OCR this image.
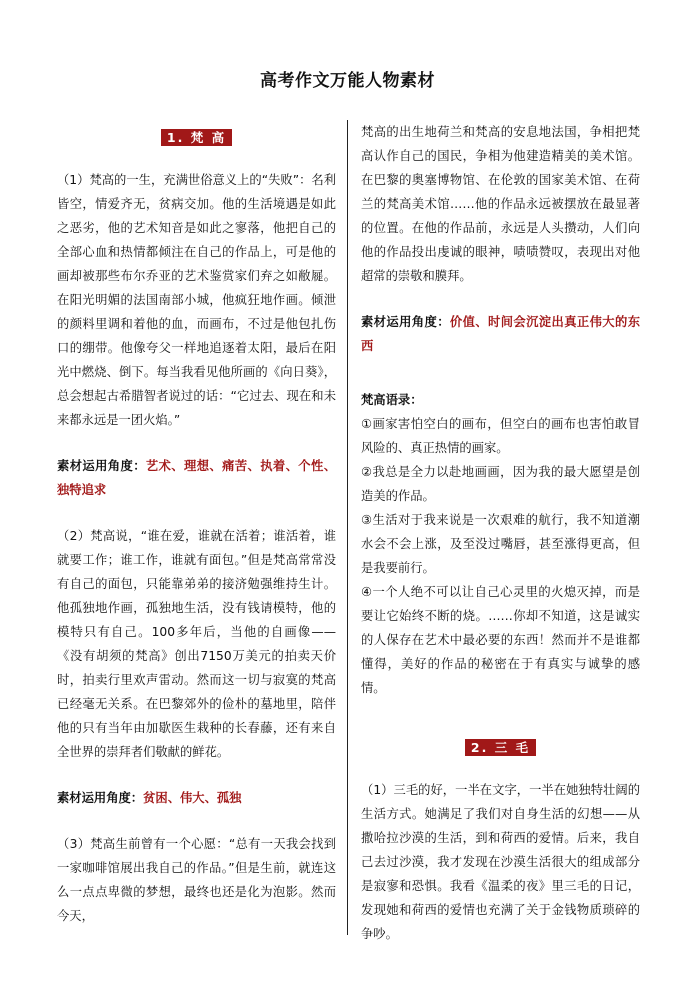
高考作文万能人物素材
1. 梵 高

（1）梵高的一生，充满世俗意义上的“失败”：名利皆空，情爱齐无，贫病交加。他的生活境遇是如此之恶劣，他的艺术知音是如此之寥落，他把自己的全部心血和热情都倾注在自己的作品上，可是他的画却被那些布尔乔亚的艺术鉴赏家们弃之如敝屣。在阳光明媚的法国南部小城，他疯狂地作画。倾泄的颜料里调和着他的血，而画布，不过是他包扎伤口的绷带。他像夸父一样地追逐着太阳，最后在阳光中燃烧、倒下。每当我看见他所画的《向日葵》，总会想起古希腊智者说过的话：“它过去、现在和未来都永远是一团火焰。”

素材运用角度：艺术、理想、痛苦、执着、个性、独特追求

（2）梵高说，“谁在爱，谁就在活着；谁活着，谁就要工作；谁工作，谁就有面包。”但是梵高常常没有自己的面包，只能靠弟弟的接济勉强维持生计。他孤独地作画，孤独地生活，没有钱请模特，他的模特只有自己。100多年后，当他的自画像——《没有胡须的梵高》创出7150万美元的拍卖天价时，拍卖行里欢声雷动。然而这一切与寂寞的梵高已经毫无关系。在巴黎郊外的俭朴的墓地里，陪伴他的只有当年由加歇医生栽种的长春藤，还有来自全世界的崇拜者们敬献的鲜花。

素材运用角度：贫困、伟大、孤独

（3）梵高生前曾有一个心愿：“总有一天我会找到一家咖啡馆展出我自己的作品。”但是生前，就连这么一点点卑微的梦想，最终也还是化为泡影。然而今天，

梵高的出生地荷兰和梵高的安息地法国，争相把梵高认作自己的国民，争相为他建造精美的美术馆。在巴黎的奥塞博物馆、在伦敦的国家美术馆、在荷兰的梵高美术馆……他的作品永远被摆放在最显著的位置。在他的作品前，永远是人头攒动，人们向他的作品投出虔诚的眼神，啧啧赞叹，表现出对他超常的崇敬和膜拜。

素材运用角度：价值、时间会沉淀出真正伟大的东西

梵高语录：

①画家害怕空白的画布，但空白的画布也害怕敢冒风险的、真正热情的画家。

②我总是全力以赴地画画，因为我的最大愿望是创造美的作品。

③生活对于我来说是一次艰难的航行，我不知道潮水会不会上涨，及至没过嘴唇，甚至涨得更高，但是我要前行。

④一个人绝不可以让自己心灵里的火熄灭掉，而是要让它始终不断的烧。……你却不知道，这是诚实的人保存在艺术中最必要的东西！然而并不是谁都懂得，美好的作品的秘密在于有真实与诚挚的感情。

2. 三 毛

（1）三毛的好，一半在文字，一半在她独特壮阔的生活方式。她满足了我们对自身生活的幻想——从撒哈拉沙漠的生活，到和荷西的爱情。后来，我自己去过沙漠，我才发现在沙漠生活很大的组成部分是寂寥和恐惧。我看《温柔的夜》里三毛的日记，发现她和荷西的爱情也充满了关于金钱物质琐碎的争吵。
